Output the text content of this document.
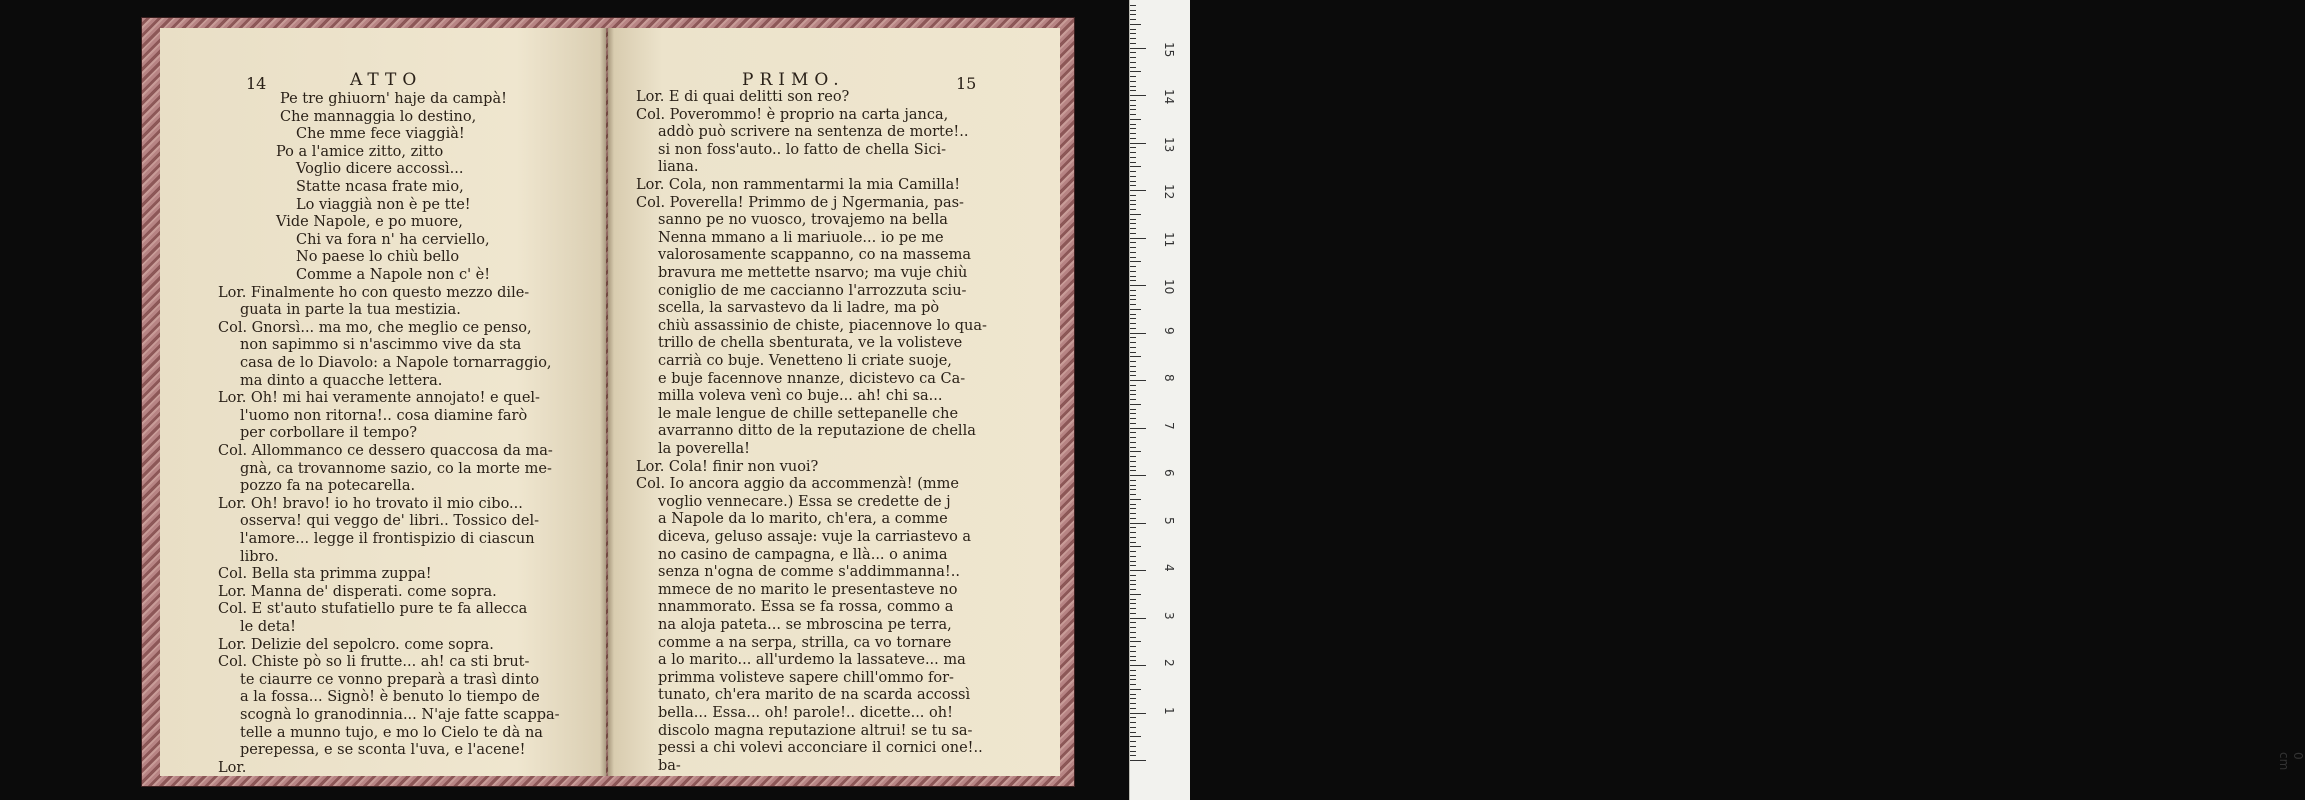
14	ATTO
Pe tre ghiuorn' haje da campà!
Che mannaggia lo destino,
Che mme fece viaggià!
Po a l'amice zitto, zitto
Voglio dicere accossì...
Statte ncasa frate mio,
Lo viaggià non è pe tte!
Vide Napole, e po muore,
Chi va fora n' ha cerviello,
No paese lo chiù bello
Comme a Napole non c' è!
Lor. Finalmente ho con questo mezzo dile-
guata in parte la tua mestizia.
Col. Gnorsì... ma mo, che meglio ce penso,
non sapimmo si n'ascimmo vive da sta
casa de lo Diavolo: a Napole tornarraggio,
ma dinto a quacche lettera.
Lor. Oh! mi hai veramente annojato! e quel-
l'uomo non ritorna!.. cosa diamine farò
per corbollare il tempo?
Col. Allommanco ce dessero quaccosa da ma-
gnà, ca trovannome sazio, co la morte me-
pozzo fa na potecarella.
Lor. Oh! bravo! io ho trovato il mio cibo...
osserva! qui veggo de' libri.. Tossico del-
l'amore... legge il frontispizio di ciascun
libro.
Col. Bella sta primma zuppa!
Lor. Manna de' disperati. come sopra.
Col. E st'auto stufatiello pure te fa allecca
le deta!
Lor. Delizie del sepolcro. come sopra.
Col. Chiste pò so li frutte... ah! ca sti brut-
te ciaurre ce vonno preparà a trasì dinto
a la fossa... Signò! è benuto lo tiempo de
scognà lo granodinnia... N'aje fatte scappa-
telle a munno tujo, e mo lo Cielo te dà na
perepessa, e se sconta l'uva, e l'acene!
Lor.
PRIMO.	15
Lor. E di quai delitti son reo?
Col. Poverommo! è proprio na carta janca,
addò può scrivere na sentenza de morte!..
si non foss'auto.. lo fatto de chella Sici-
liana.
Lor. Cola, non rammentarmi la mia Camilla!
Col. Poverella! Primmo de j Ngermania, pas-
sanno pe no vuosco, trovajemo na bella
Nenna mmano a li mariuole... io pe me
valorosamente scappanno, co na massema
bravura me mettette nsarvo; ma vuje chiù
coniglio de me caccianno l'arrozzuta sciu-
scella, la sarvastevo da li ladre, ma pò
chiù assassinio de chiste, piacennove lo qua-
trillo de chella sbenturata, ve la volisteve
carrià co buje. Venetteno li criate suoje,
e buje facennove nnanze, dicistevo ca Ca-
milla voleva venì co buje... ah! chi sa...
le male lengue de chille settepanelle che
avarranno ditto de la reputazione de chella
la poverella!
Lor. Cola! finir non vuoi?
Col. Io ancora aggio da accommenzà! (mme
voglio vennecare.) Essa se credette de j
a Napole da lo marito, ch'era, a comme
diceva, geluso assaje: vuje la carriastevo a
no casino de campagna, e llà... o anima
senza n'ogna de comme s'addimmanna!..
mmece de no marito le presentasteve no
nnammorato. Essa se fa rossa, commo a
na aloja pateta... se mbroscina pe terra,
comme a na serpa, strilla, ca vo tornare
a lo marito... all'urdemo la lassateve... ma
primma volisteve sapere chill'ommo for-
tunato, ch'era marito de na scarda accossì
bella... Essa... oh! parole!.. dicette... oh!
discolo magna reputazione altrui! se tu sa-
pessi a chi volevi acconciare il cornici one!..
ba-
15
14
13
12
11
10
9
8
7
6
5
4
3
2
1
0 cm
